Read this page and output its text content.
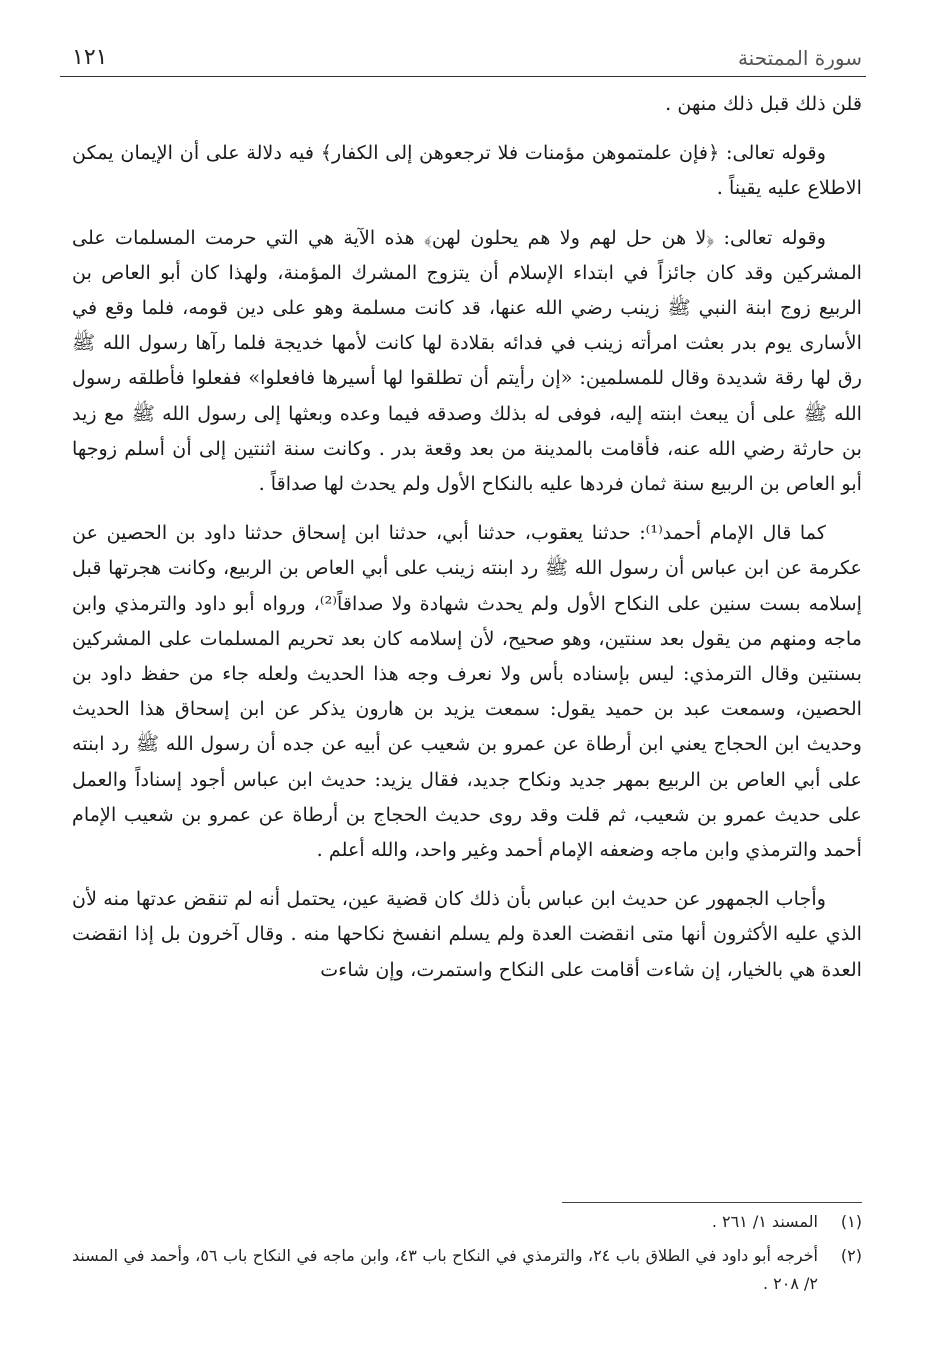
سورة الممتحنة
١٢١

قلن ذلك قبل ذلك منهن .

وقوله تعالى: ﴿فإن علمتموهن مؤمنات فلا ترجعوهن إلى الكفار﴾ فيه دلالة على أن الإيمان يمكن الاطلاع عليه يقيناً .

وقوله تعالى: ﴿لا هن حل لهم ولا هم يحلون لهن﴾ هذه الآية هي التي حرمت المسلمات على المشركين وقد كان جائزاً في ابتداء الإسلام أن يتزوج المشرك المؤمنة، ولهذا كان أبو العاص بن الربيع زوج ابنة النبي ﷺ زينب رضي الله عنها، قد كانت مسلمة وهو على دين قومه، فلما وقع في الأسارى يوم بدر بعثت امرأته زينب في فدائه بقلادة لها كانت لأمها خديجة فلما رآها رسول الله ﷺ رق لها رقة شديدة وقال للمسلمين: «إن رأيتم أن تطلقوا لها أسيرها فافعلوا» ففعلوا فأطلقه رسول الله ﷺ على أن يبعث ابنته إليه، فوفى له بذلك وصدقه فيما وعده وبعثها إلى رسول الله ﷺ مع زيد بن حارثة رضي الله عنه، فأقامت بالمدينة من بعد وقعة بدر . وكانت سنة اثنتين إلى أن أسلم زوجها أبو العاص بن الربيع سنة ثمان فردها عليه بالنكاح الأول ولم يحدث لها صداقاً .

كما قال الإمام أحمد⁽¹⁾: حدثنا يعقوب، حدثنا أبي، حدثنا ابن إسحاق حدثنا داود بن الحصين عن عكرمة عن ابن عباس أن رسول الله ﷺ رد ابنته زينب على أبي العاص بن الربيع، وكانت هجرتها قبل إسلامه بست سنين على النكاح الأول ولم يحدث شهادة ولا صداقاً⁽²⁾، ورواه أبو داود والترمذي وابن ماجه ومنهم من يقول بعد سنتين، وهو صحيح، لأن إسلامه كان بعد تحريم المسلمات على المشركين بسنتين وقال الترمذي: ليس بإسناده بأس ولا نعرف وجه هذا الحديث ولعله جاء من حفظ داود بن الحصين، وسمعت عبد بن حميد يقول: سمعت يزيد بن هارون يذكر عن ابن إسحاق هذا الحديث وحديث ابن الحجاج يعني ابن أرطاة عن عمرو بن شعيب عن أبيه عن جده أن رسول الله ﷺ رد ابنته على أبي العاص بن الربيع بمهر جديد ونكاح جديد، فقال يزيد: حديث ابن عباس أجود إسناداً والعمل على حديث عمرو بن شعيب، ثم قلت وقد روى حديث الحجاج بن أرطاة عن عمرو بن شعيب الإمام أحمد والترمذي وابن ماجه وضعفه الإمام أحمد وغير واحد، والله أعلم .

وأجاب الجمهور عن حديث ابن عباس بأن ذلك كان قضية عين، يحتمل أنه لم تنقض عدتها منه لأن الذي عليه الأكثرون أنها متى انقضت العدة ولم يسلم انفسخ نكاحها منه . وقال آخرون بل إذا انقضت العدة هي بالخيار، إن شاءت أقامت على النكاح واستمرت، وإن شاءت

(١)
المسند ١/ ٢٦١ .
(٢)
أخرجه أبو داود في الطلاق باب ٢٤، والترمذي في النكاح باب ٤٣، وابن ماجه في النكاح باب ٥٦، وأحمد في المسند ٢/ ٢٠٨ .
